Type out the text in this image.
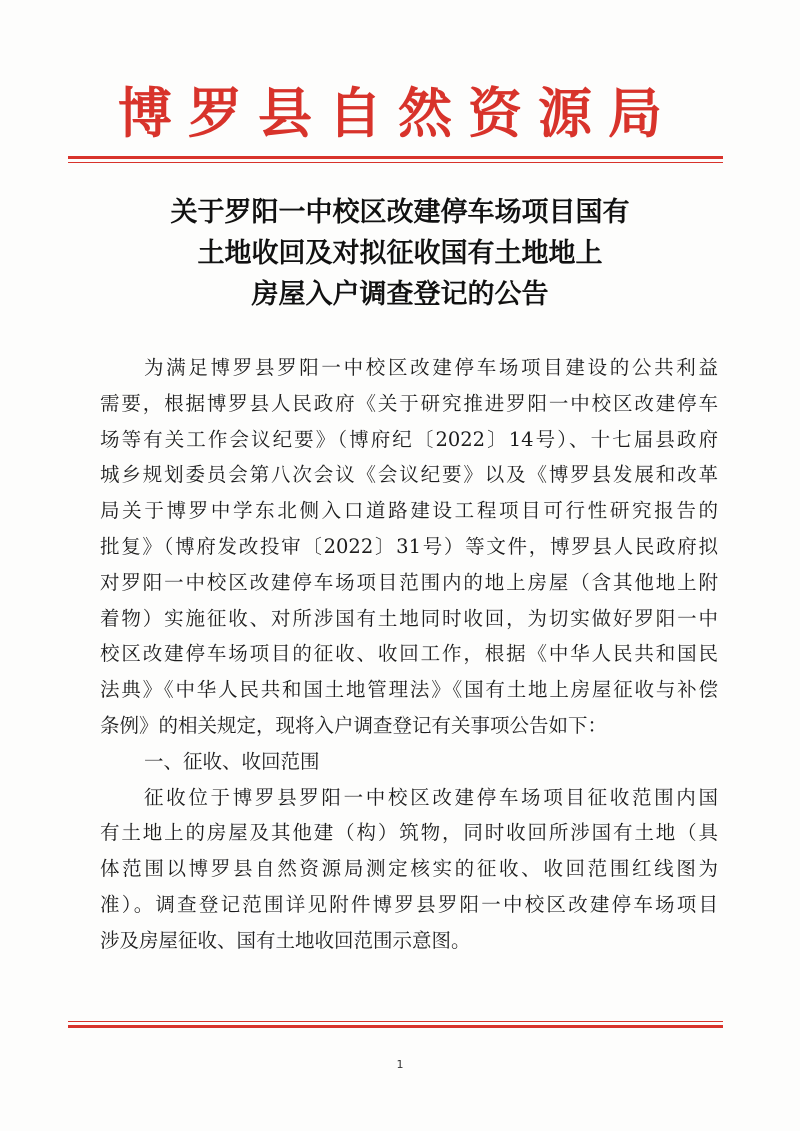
博罗县自然资源局
关于罗阳一中校区改建停车场项目国有
土地收回及对拟征收国有土地地上
房屋入户调查登记的公告
为满足博罗县罗阳一中校区改建停车场项目建设的公共利益
需要，根据博罗县人民政府《关于研究推进罗阳一中校区改建停车
场等有关工作会议纪要》（博府纪〔2022〕14号）、十七届县政府
城乡规划委员会第八次会议《会议纪要》以及《博罗县发展和改革
局关于博罗中学东北侧入口道路建设工程项目可行性研究报告的
批复》（博府发改投审〔2022〕31号）等文件，博罗县人民政府拟
对罗阳一中校区改建停车场项目范围内的地上房屋（含其他地上附
着物）实施征收、对所涉国有土地同时收回，为切实做好罗阳一中
校区改建停车场项目的征收、收回工作，根据《中华人民共和国民
法典》《中华人民共和国土地管理法》《国有土地上房屋征收与补偿
条例》的相关规定，现将入户调查登记有关事项公告如下：
一、征收、收回范围
征收位于博罗县罗阳一中校区改建停车场项目征收范围内国
有土地上的房屋及其他建（构）筑物，同时收回所涉国有土地（具
体范围以博罗县自然资源局测定核实的征收、收回范围红线图为
准）。调查登记范围详见附件博罗县罗阳一中校区改建停车场项目
涉及房屋征收、国有土地收回范围示意图。
1
